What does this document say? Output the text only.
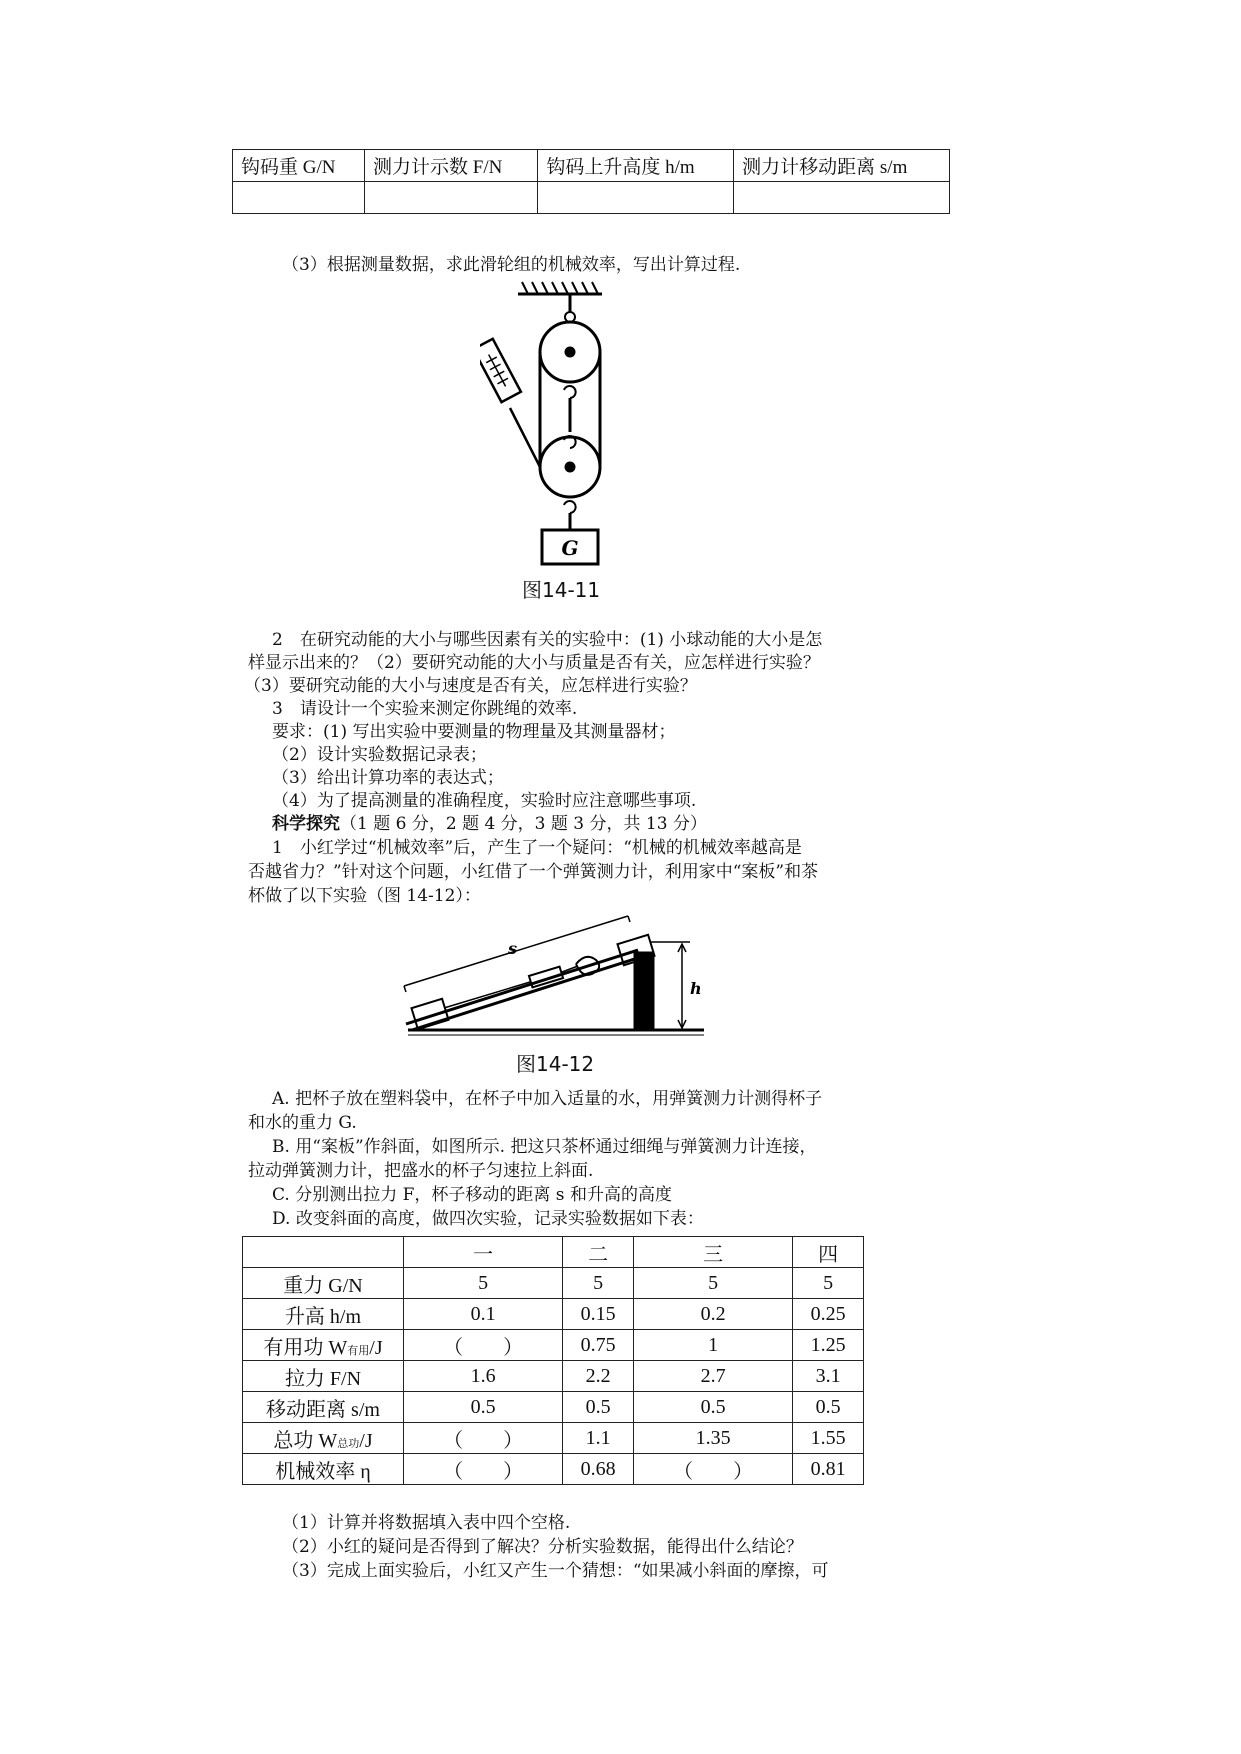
钩码重 G/N	测力计示数 F/N	钩码上升高度 h/m	测力计移动距离 s/m

（3）根据测量数据，求此滑轮组的机械效率，写出计算过程.
G
图14-11
2　在研究动能的大小与哪些因素有关的实验中：(1) 小球动能的大小是怎
样显示出来的？（2）要研究动能的大小与质量是否有关，应怎样进行实验？
（3）要研究动能的大小与速度是否有关，应怎样进行实验？
3　请设计一个实验来测定你跳绳的效率.
要求：(1) 写出实验中要测量的物理量及其测量器材；
（2）设计实验数据记录表；
（3）给出计算功率的表达式；
（4）为了提高测量的准确程度，实验时应注意哪些事项.
科学探究（1 题 6 分，2 题 4 分，3 题 3 分，共 13 分）
1　小红学过“机械效率”后，产生了一个疑问：“机械的机械效率越高是
否越省力？”针对这个问题，小红借了一个弹簧测力计，利用家中“案板”和茶
杯做了以下实验（图 14-12）：
s
h
图14-12
A. 把杯子放在塑料袋中，在杯子中加入适量的水，用弹簧测力计测得杯子
和水的重力 G.
B. 用“案板”作斜面，如图所示. 把这只茶杯通过细绳与弹簧测力计连接，
拉动弹簧测力计，把盛水的杯子匀速拉上斜面.
C. 分别测出拉力 F，杯子移动的距离 s 和升高的高度
D. 改变斜面的高度，做四次实验，记录实验数据如下表：
	一	二	三	四
重力 G/N	5	5	5	5
升高 h/m	0.1	0.15	0.2	0.25
有用功 W有用/J	（　　）	0.75	1	1.25
拉力 F/N	1.6	2.2	2.7	3.1
移动距离 s/m	0.5	0.5	0.5	0.5
总功 W总功/J	（　　）	1.1	1.35	1.55
机械效率 η	（　　）	0.68	（　　）	0.81
（1）计算并将数据填入表中四个空格.
（2）小红的疑问是否得到了解决？分析实验数据，能得出什么结论？
（3）完成上面实验后，小红又产生一个猜想：“如果减小斜面的摩擦，可
